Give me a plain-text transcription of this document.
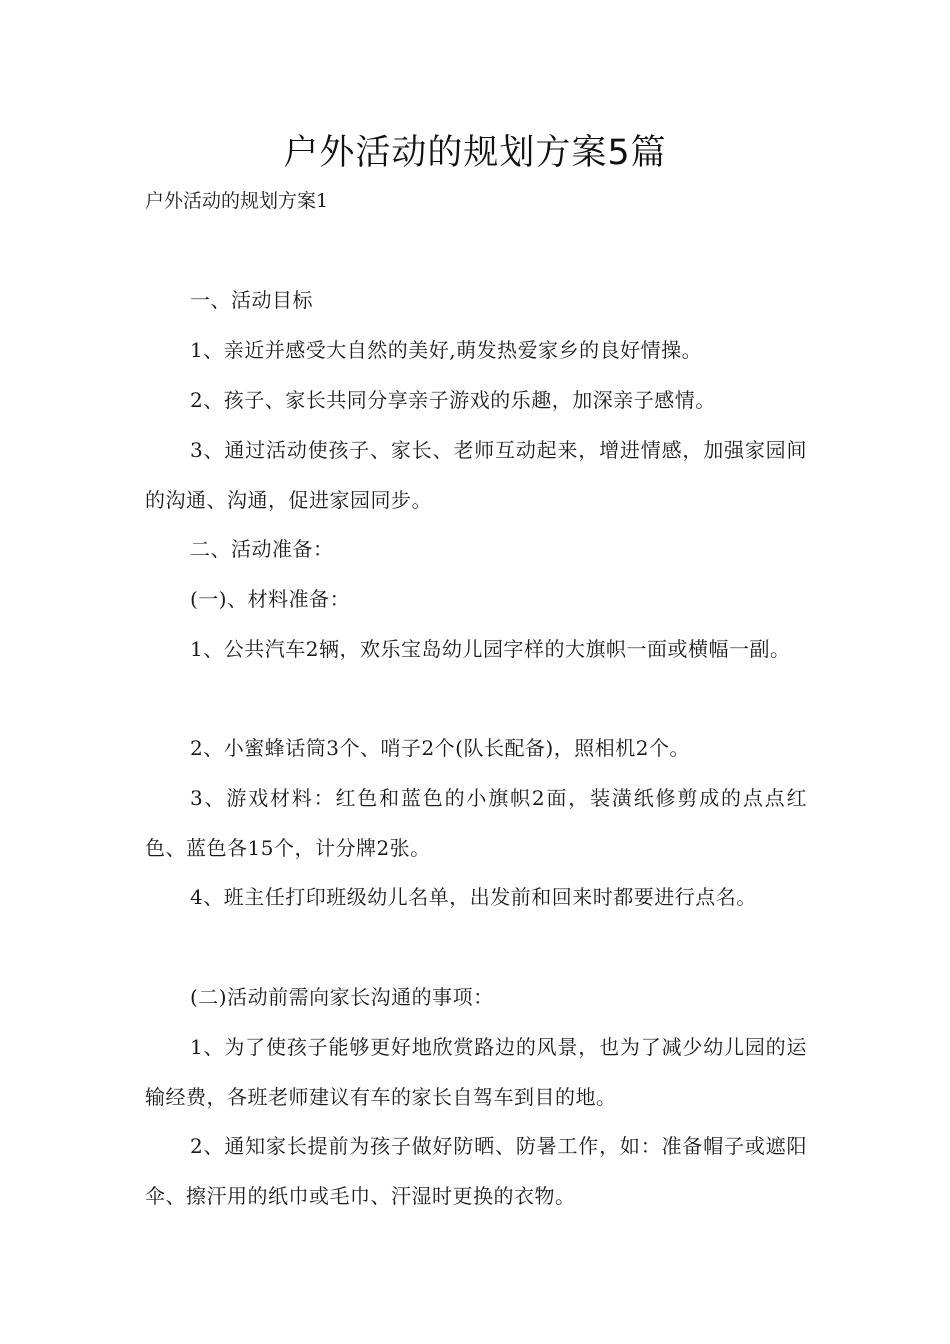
户外活动的规划方案5篇

户外活动的规划方案1

一、活动目标

1、亲近并感受大自然的美好,萌发热爱家乡的良好情操。

2、孩子、家长共同分享亲子游戏的乐趣，加深亲子感情。

3、通过活动使孩子、家长、老师互动起来，增进情感，加强家园间的沟通、沟通，促进家园同步。

二、活动准备：

(一)、材料准备：

1、公共汽车2辆，欢乐宝岛幼儿园字样的大旗帜一面或横幅一副。

2、小蜜蜂话筒3个、哨子2个(队长配备)，照相机2个。

3、游戏材料：红色和蓝色的小旗帜2面，装潢纸修剪成的点点红色、蓝色各15个，计分牌2张。

4、班主任打印班级幼儿名单，出发前和回来时都要进行点名。

(二)活动前需向家长沟通的事项：

1、为了使孩子能够更好地欣赏路边的风景，也为了减少幼儿园的运输经费，各班老师建议有车的家长自驾车到目的地。

2、通知家长提前为孩子做好防晒、防暑工作，如：准备帽子或遮阳伞、擦汗用的纸巾或毛巾、汗湿时更换的衣物。
